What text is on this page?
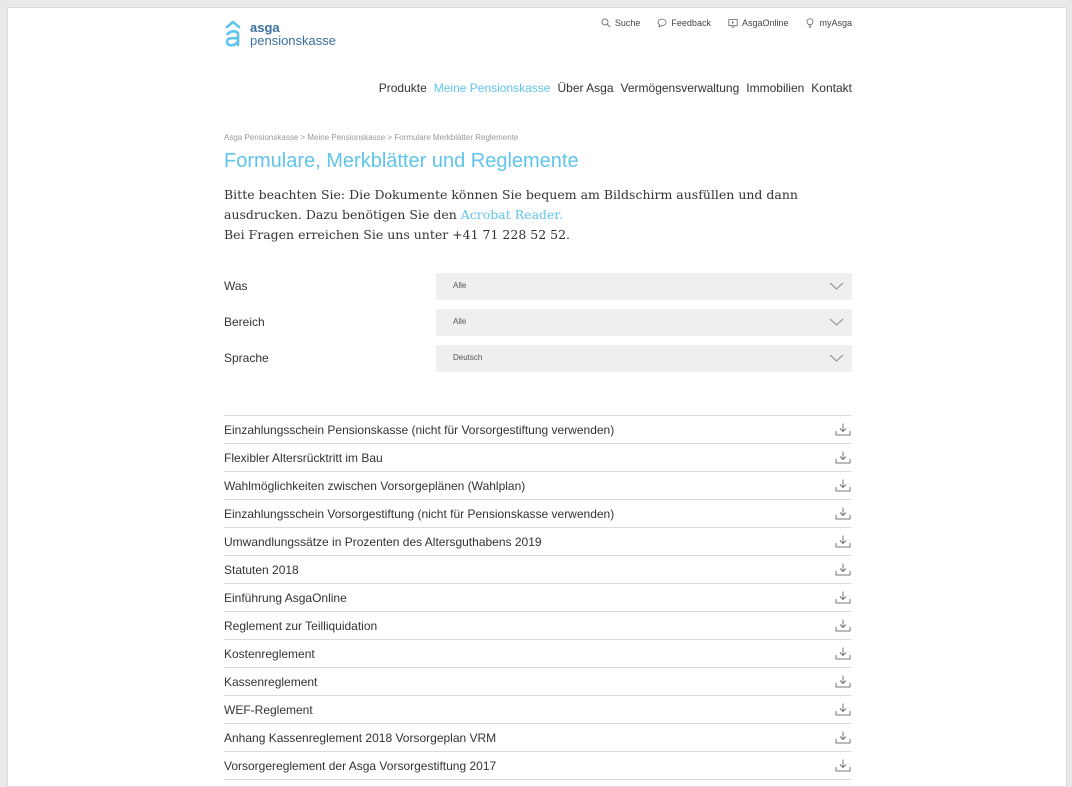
asga
pensionskasse
Suche	Feedback	AsgaOnline	myAsga
Produkte Meine Pensionskasse Über Asga Vermögensverwaltung Immobilien Kontakt
Asga Pensionskasse > Meine Pensionskasse > Formulare Merkblätter Reglemente
Formulare, Merkblätter und Reglemente
Bitte beachten Sie: Die Dokumente können Sie bequem am Bildschirm ausfüllen und dann ausdrucken. Dazu benötigen Sie den Acrobat Reader.
Bei Fragen erreichen Sie uns unter +41 71 228 52 52.
Was	Alle
Bereich	Alle
Sprache	Deutsch
Einzahlungsschein Pensionskasse (nicht für Vorsorgestiftung verwenden)
Flexibler Altersrücktritt im Bau
Wahlmöglichkeiten zwischen Vorsorgeplänen (Wahlplan)
Einzahlungsschein Vorsorgestiftung (nicht für Pensionskasse verwenden)
Umwandlungssätze in Prozenten des Altersguthabens 2019
Statuten 2018
Einführung AsgaOnline
Reglement zur Teilliquidation
Kostenreglement
Kassenreglement
WEF-Reglement
Anhang Kassenreglement 2018 Vorsorgeplan VRM
Vorsorgereglement der Asga Vorsorgestiftung 2017
